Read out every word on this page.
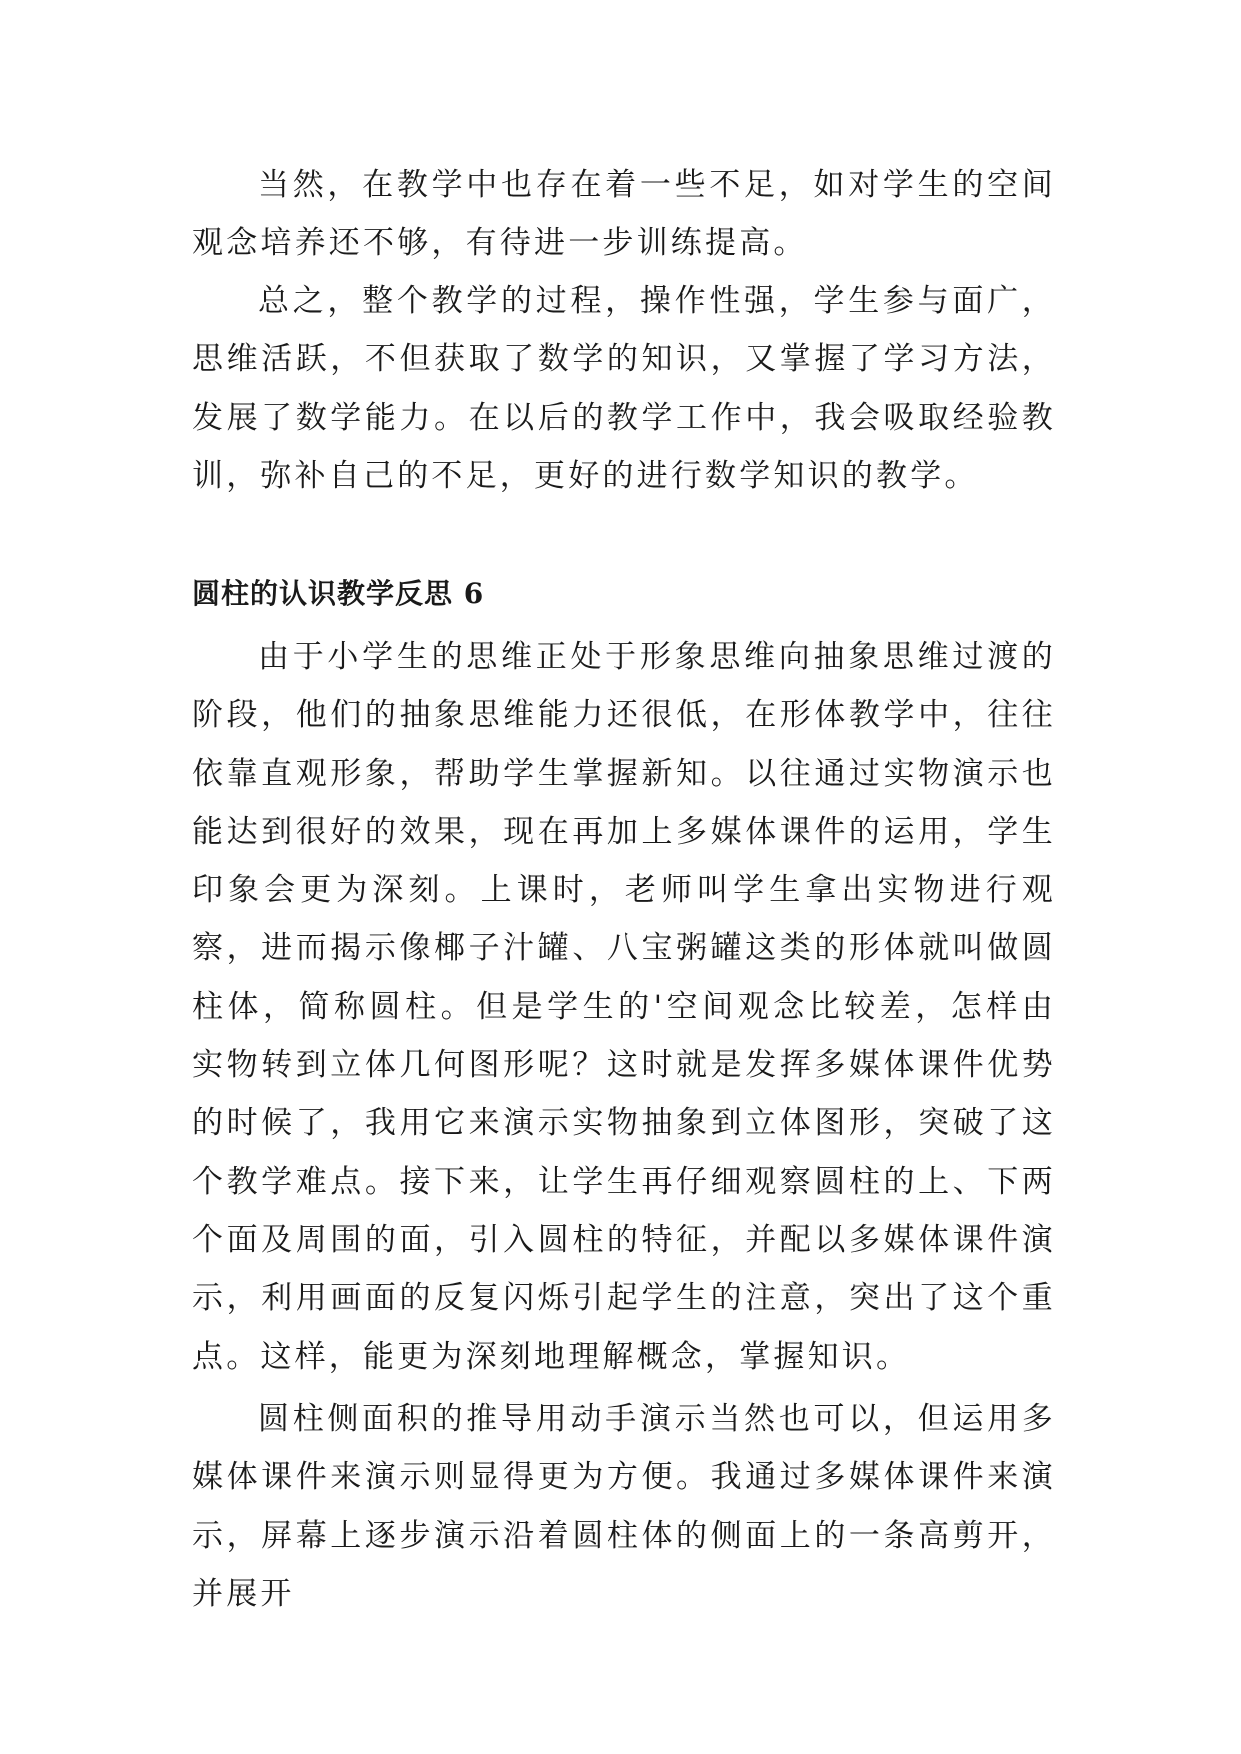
当然，在教学中也存在着一些不足，如对学生的空间观念培养还不够，有待进一步训练提高。

总之，整个教学的过程，操作性强，学生参与面广，思维活跃，不但获取了数学的知识，又掌握了学习方法，发展了数学能力。在以后的教学工作中，我会吸取经验教训，弥补自己的不足，更好的进行数学知识的教学。

圆柱的认识教学反思 6

由于小学生的思维正处于形象思维向抽象思维过渡的阶段，他们的抽象思维能力还很低，在形体教学中，往往依靠直观形象，帮助学生掌握新知。以往通过实物演示也能达到很好的效果，现在再加上多媒体课件的运用，学生印象会更为深刻。上课时，老师叫学生拿出实物进行观察，进而揭示像椰子汁罐、八宝粥罐这类的形体就叫做圆柱体，简称圆柱。但是学生的'空间观念比较差，怎样由实物转到立体几何图形呢？这时就是发挥多媒体课件优势的时候了，我用它来演示实物抽象到立体图形，突破了这个教学难点。接下来，让学生再仔细观察圆柱的上、下两个面及周围的面，引入圆柱的特征，并配以多媒体课件演示，利用画面的反复闪烁引起学生的注意，突出了这个重点。这样，能更为深刻地理解概念，掌握知识。

圆柱侧面积的推导用动手演示当然也可以，但运用多媒体课件来演示则显得更为方便。我通过多媒体课件来演示，屏幕上逐步演示沿着圆柱体的侧面上的一条高剪开，并展开
